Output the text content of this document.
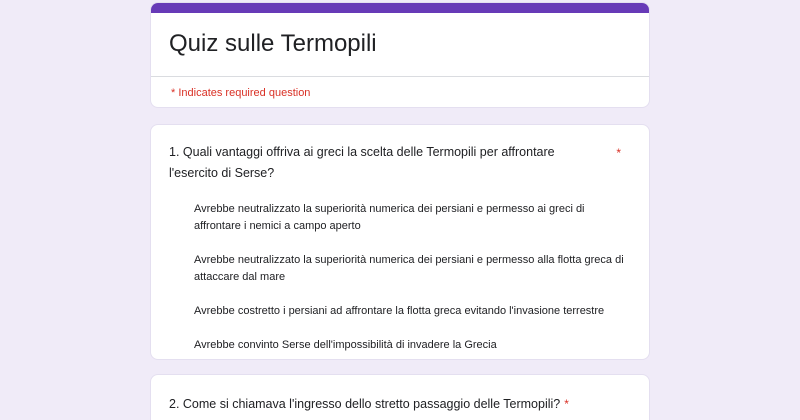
Quiz sulle Termopili
* Indicates required question
1. Quali vantaggi offriva ai greci la scelta delle Termopili per affrontare l'esercito di Serse?
*
Avrebbe neutralizzato la superiorità numerica dei persiani e permesso ai greci di affrontare i nemici a campo aperto
Avrebbe neutralizzato la superiorità numerica dei persiani e permesso alla flotta greca di attaccare dal mare
Avrebbe costretto i persiani ad affrontare la flotta greca evitando l'invasione terrestre
Avrebbe convinto Serse dell'impossibilità di invadere la Grecia
2. Come si chiamava l'ingresso dello stretto passaggio delle Termopili? *
